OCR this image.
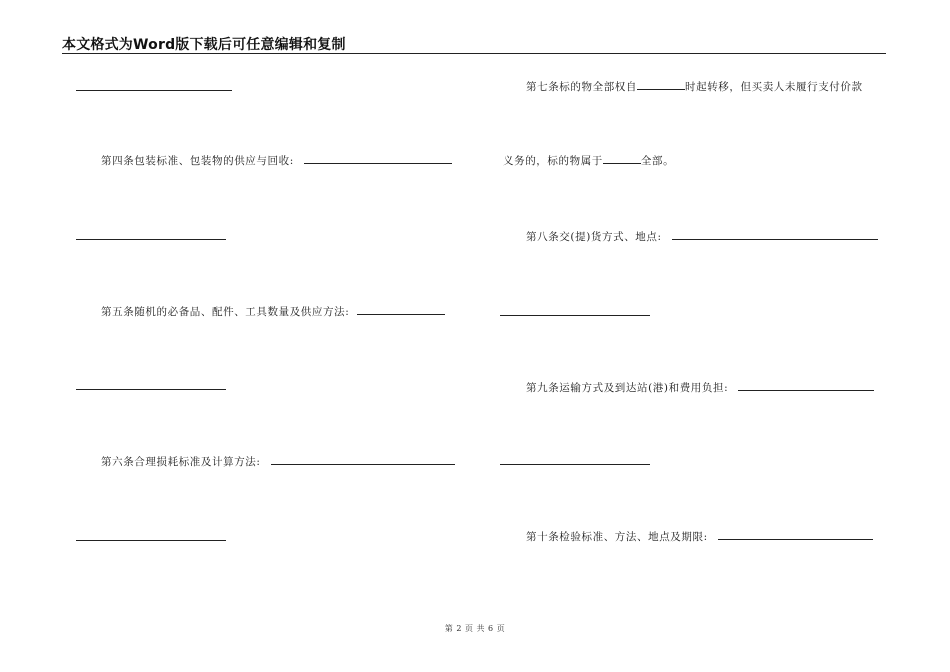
本文格式为Word版下载后可任意编辑和复制
第四条包装标准、包装物的供应与回收:
第五条随机的必备品、配件、工具数量及供应方法:
第六条合理损耗标准及计算方法:
第七条标的物全部权自	时起转移，但买卖人未履行支付价款
义务的，标的物属于	全部。
第八条交(提)货方式、地点:
第九条运输方式及到达站(港)和费用负担:
第十条检验标准、方法、地点及期限:
第 2 页 共 6 页
